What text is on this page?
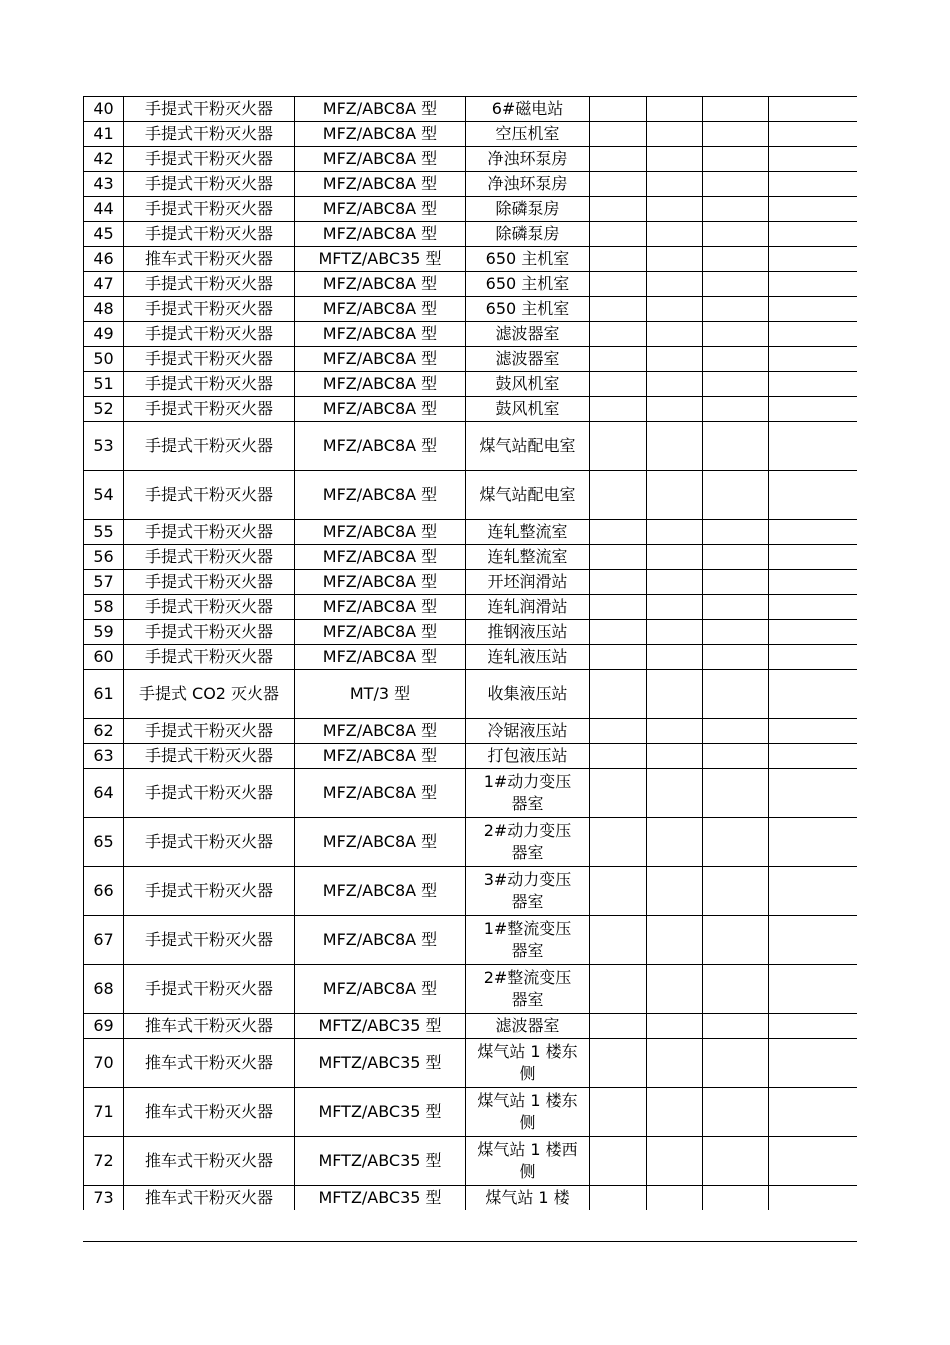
40	手提式干粉灭火器	MFZ/ABC8A 型	6#磁电站				
41	手提式干粉灭火器	MFZ/ABC8A 型	空压机室				
42	手提式干粉灭火器	MFZ/ABC8A 型	净浊环泵房				
43	手提式干粉灭火器	MFZ/ABC8A 型	净浊环泵房				
44	手提式干粉灭火器	MFZ/ABC8A 型	除磷泵房				
45	手提式干粉灭火器	MFZ/ABC8A 型	除磷泵房				
46	推车式干粉灭火器	MFTZ/ABC35 型	650 主机室				
47	手提式干粉灭火器	MFZ/ABC8A 型	650 主机室				
48	手提式干粉灭火器	MFZ/ABC8A 型	650 主机室				
49	手提式干粉灭火器	MFZ/ABC8A 型	滤波器室				
50	手提式干粉灭火器	MFZ/ABC8A 型	滤波器室				
51	手提式干粉灭火器	MFZ/ABC8A 型	鼓风机室				
52	手提式干粉灭火器	MFZ/ABC8A 型	鼓风机室				
53	手提式干粉灭火器	MFZ/ABC8A 型	煤气站配电室				
54	手提式干粉灭火器	MFZ/ABC8A 型	煤气站配电室				
55	手提式干粉灭火器	MFZ/ABC8A 型	连轧整流室				
56	手提式干粉灭火器	MFZ/ABC8A 型	连轧整流室				
57	手提式干粉灭火器	MFZ/ABC8A 型	开坯润滑站				
58	手提式干粉灭火器	MFZ/ABC8A 型	连轧润滑站				
59	手提式干粉灭火器	MFZ/ABC8A 型	推钢液压站				
60	手提式干粉灭火器	MFZ/ABC8A 型	连轧液压站				
61	手提式 CO2 灭火器	MT/3 型	收集液压站				
62	手提式干粉灭火器	MFZ/ABC8A 型	冷锯液压站				
63	手提式干粉灭火器	MFZ/ABC8A 型	打包液压站				
64	手提式干粉灭火器	MFZ/ABC8A 型	1#动力变压器室				
65	手提式干粉灭火器	MFZ/ABC8A 型	2#动力变压器室				
66	手提式干粉灭火器	MFZ/ABC8A 型	3#动力变压器室				
67	手提式干粉灭火器	MFZ/ABC8A 型	1#整流变压器室				
68	手提式干粉灭火器	MFZ/ABC8A 型	2#整流变压器室				
69	推车式干粉灭火器	MFTZ/ABC35 型	滤波器室				
70	推车式干粉灭火器	MFTZ/ABC35 型	煤气站 1 楼东侧				
71	推车式干粉灭火器	MFTZ/ABC35 型	煤气站 1 楼东侧				
72	推车式干粉灭火器	MFTZ/ABC35 型	煤气站 1 楼西侧				
73	推车式干粉灭火器	MFTZ/ABC35 型	煤气站 1 楼				
